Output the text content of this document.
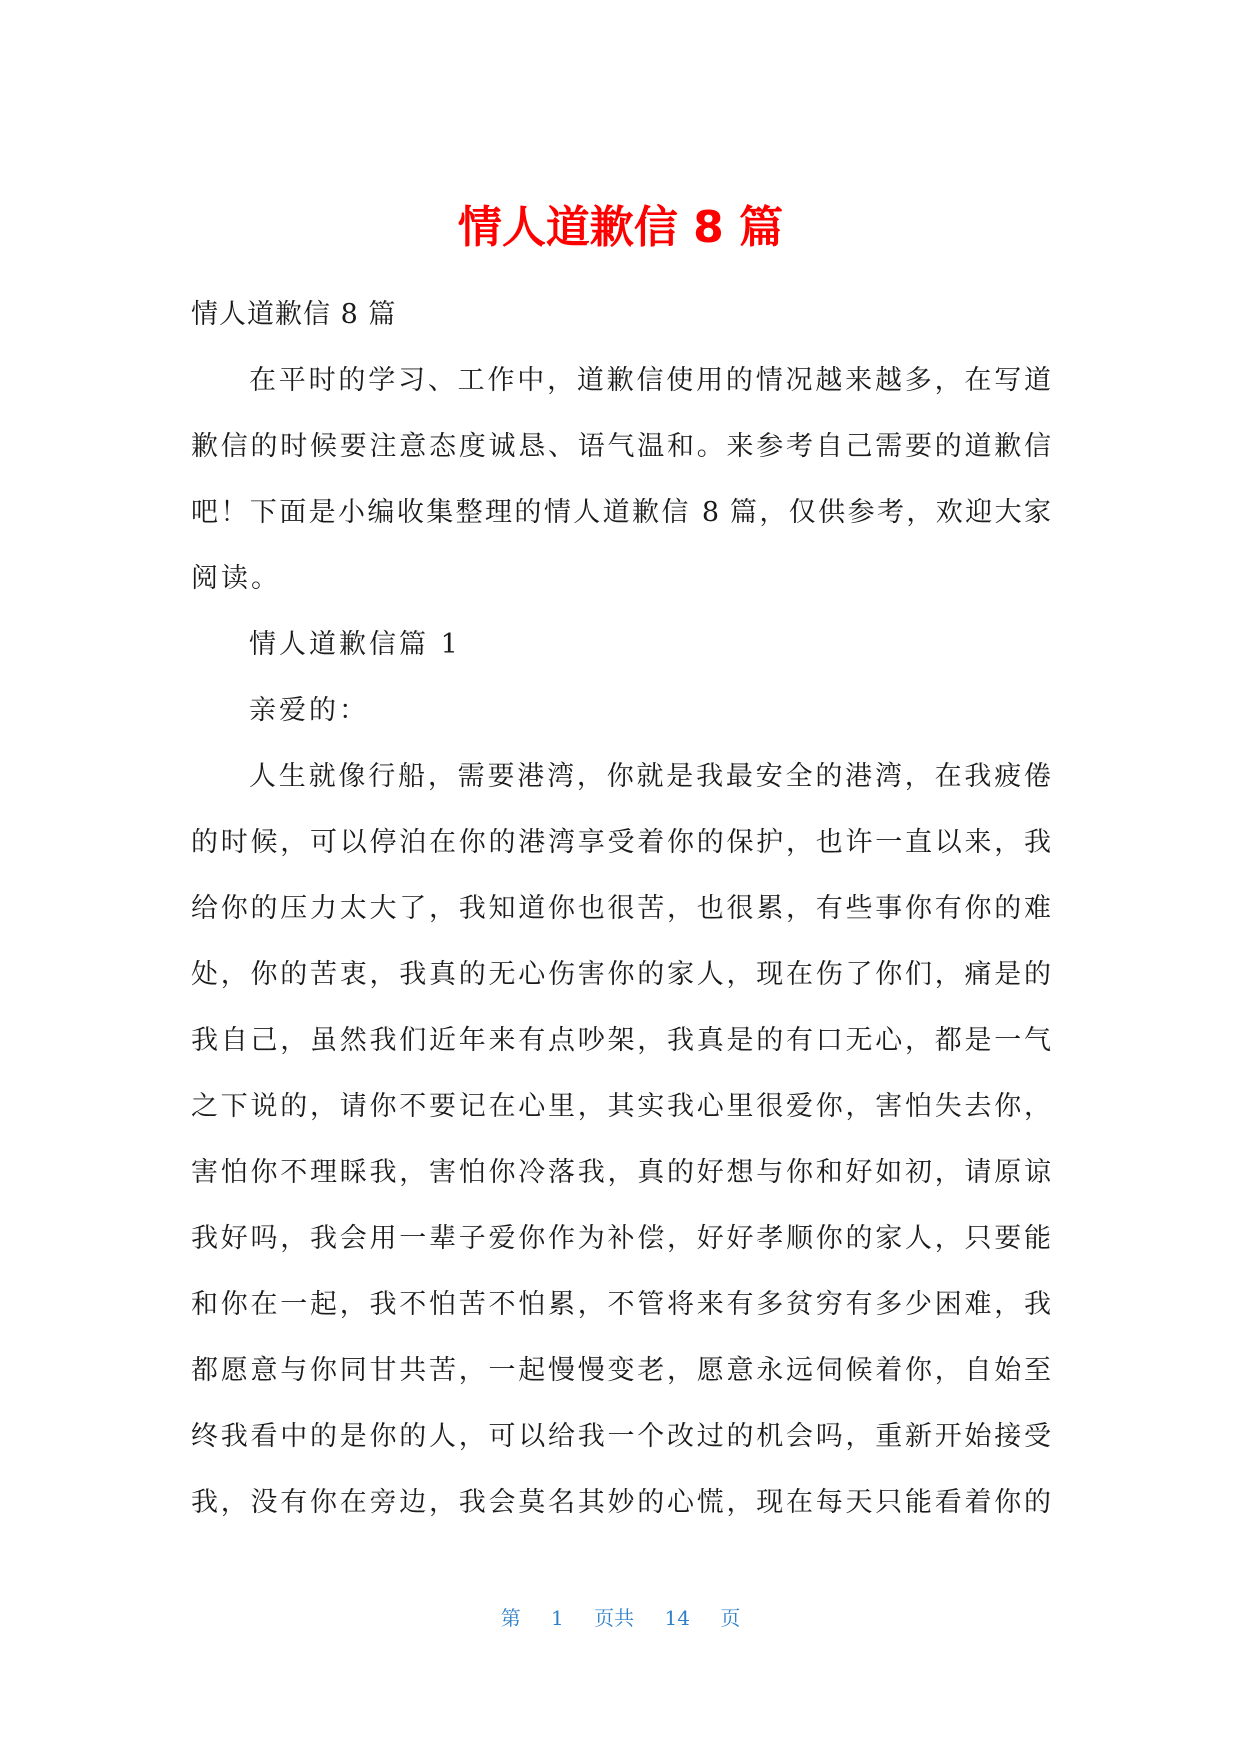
情人道歉信 8 篇
情人道歉信 8 篇
在平时的学习、工作中，道歉信使用的情况越来越多，在写道
歉信的时候要注意态度诚恳、语气温和。来参考自己需要的道歉信
吧！下面是小编收集整理的情人道歉信 8 篇，仅供参考，欢迎大家
阅读。
情人道歉信篇 1
亲爱的：
人生就像行船，需要港湾，你就是我最安全的港湾，在我疲倦
的时候，可以停泊在你的港湾享受着你的保护，也许一直以来，我
给你的压力太大了，我知道你也很苦，也很累，有些事你有你的难
处，你的苦衷，我真的无心伤害你的家人，现在伤了你们，痛是的
我自己，虽然我们近年来有点吵架，我真是的有口无心，都是一气
之下说的，请你不要记在心里，其实我心里很爱你，害怕失去你，
害怕你不理睬我，害怕你冷落我，真的好想与你和好如初，请原谅
我好吗，我会用一辈子爱你作为补偿，好好孝顺你的家人，只要能
和你在一起，我不怕苦不怕累，不管将来有多贫穷有多少困难，我
都愿意与你同甘共苦，一起慢慢变老，愿意永远伺候着你，自始至
终我看中的是你的人，可以给我一个改过的机会吗，重新开始接受
我，没有你在旁边，我会莫名其妙的心慌，现在每天只能看着你的
第 1 页共 14 页
